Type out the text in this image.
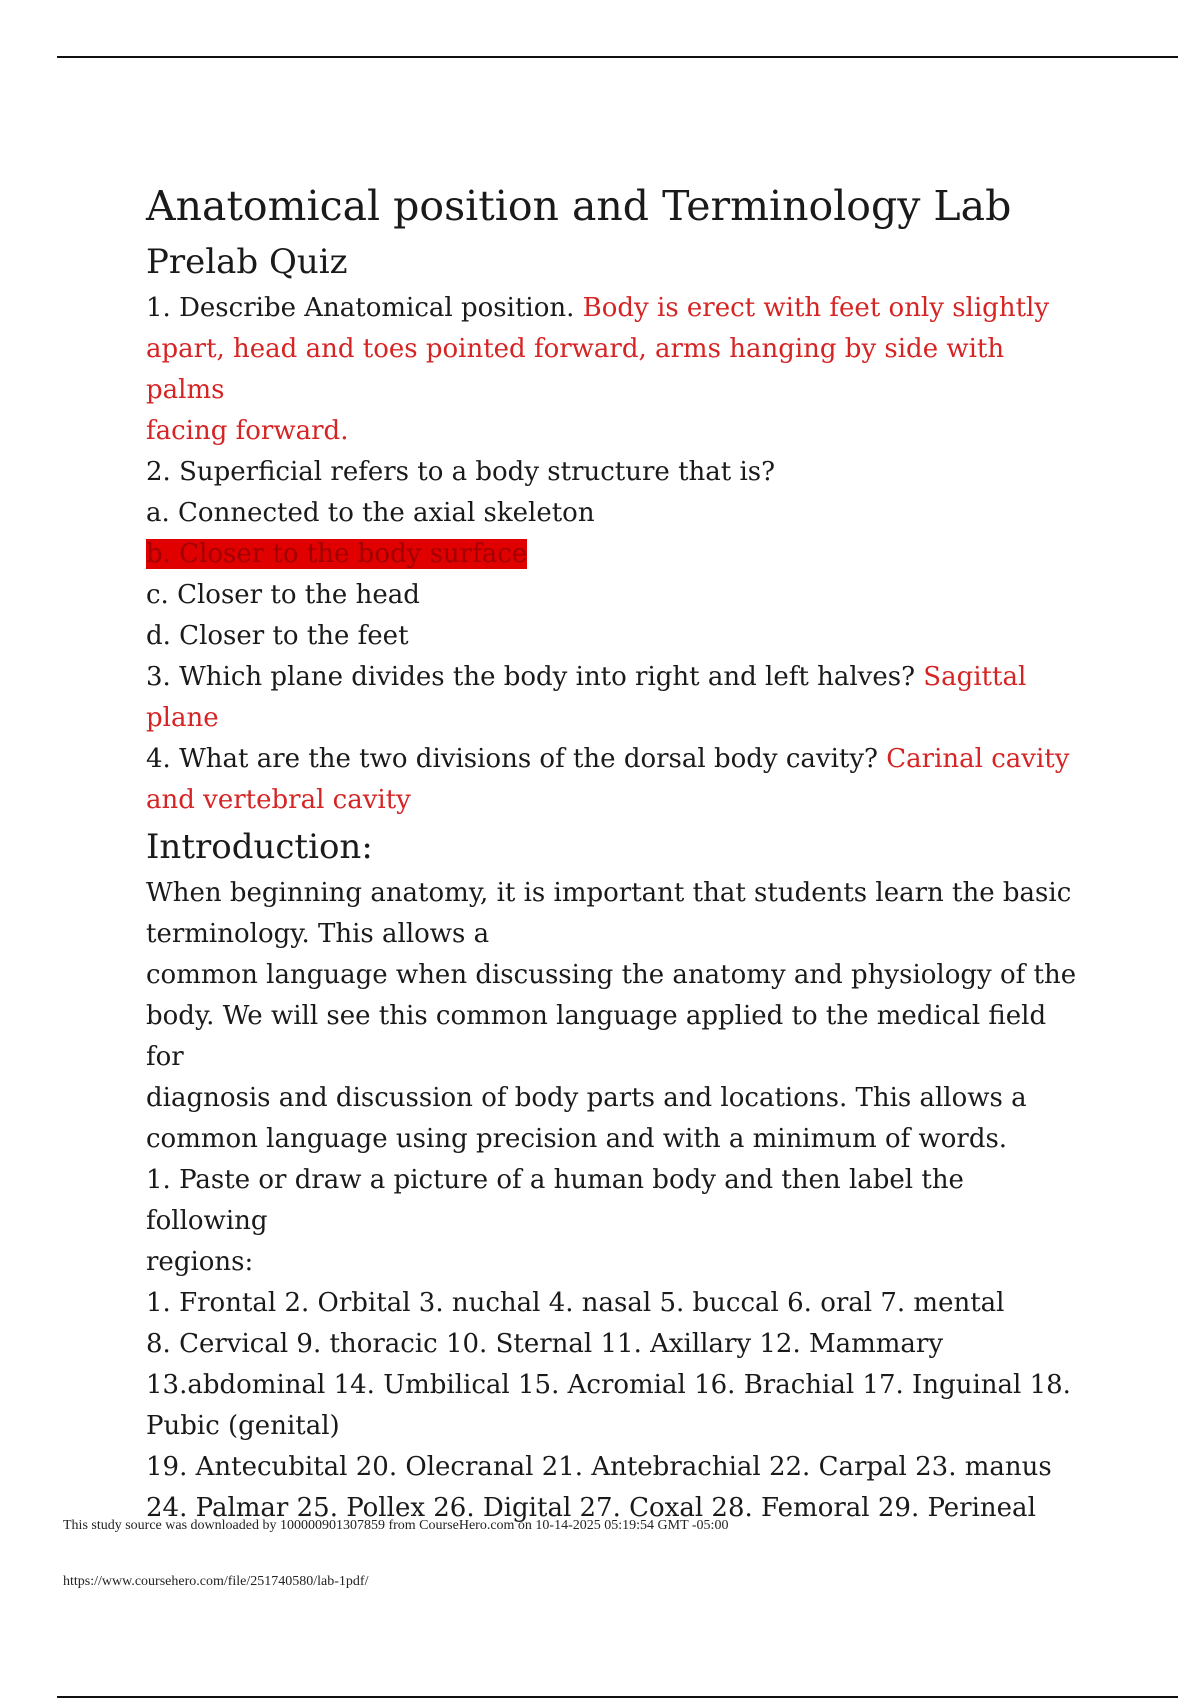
Anatomical position and Terminology Lab
Prelab Quiz

1. Describe Anatomical position. Body is erect with feet only slightly

apart, head and toes pointed forward, arms hanging by side with palms

facing forward.

2. Superficial refers to a body structure that is?

a. Connected to the axial skeleton

b. Closer to the body surface

c. Closer to the head

d. Closer to the feet

3. Which plane divides the body into right and left halves? Sagittal plane

4. What are the two divisions of the dorsal body cavity? Carinal cavity

and vertebral cavity

Introduction:

When beginning anatomy, it is important that students learn the basic

terminology. This allows a

common language when discussing the anatomy and physiology of the

body. We will see this common language applied to the medical field for

diagnosis and discussion of body parts and locations. This allows a

common language using precision and with a minimum of words.

1. Paste or draw a picture of a human body and then label the following

regions:

1. Frontal 2. Orbital 3. nuchal 4. nasal 5. buccal 6. oral 7. mental

8. Cervical 9. thoracic 10. Sternal 11. Axillary 12. Mammary

13.abdominal 14. Umbilical 15. Acromial 16. Brachial 17. Inguinal 18.

Pubic (genital)

19. Antecubital 20. Olecranal 21. Antebrachial 22. Carpal 23. manus

24. Palmar 25. Pollex 26. Digital 27. Coxal 28. Femoral 29. Perineal

This study source was downloaded by 100000901307859 from CourseHero.com on 10-14-2025 05:19:54 GMT -05:00
https://www.coursehero.com/file/251740580/lab-1pdf/
